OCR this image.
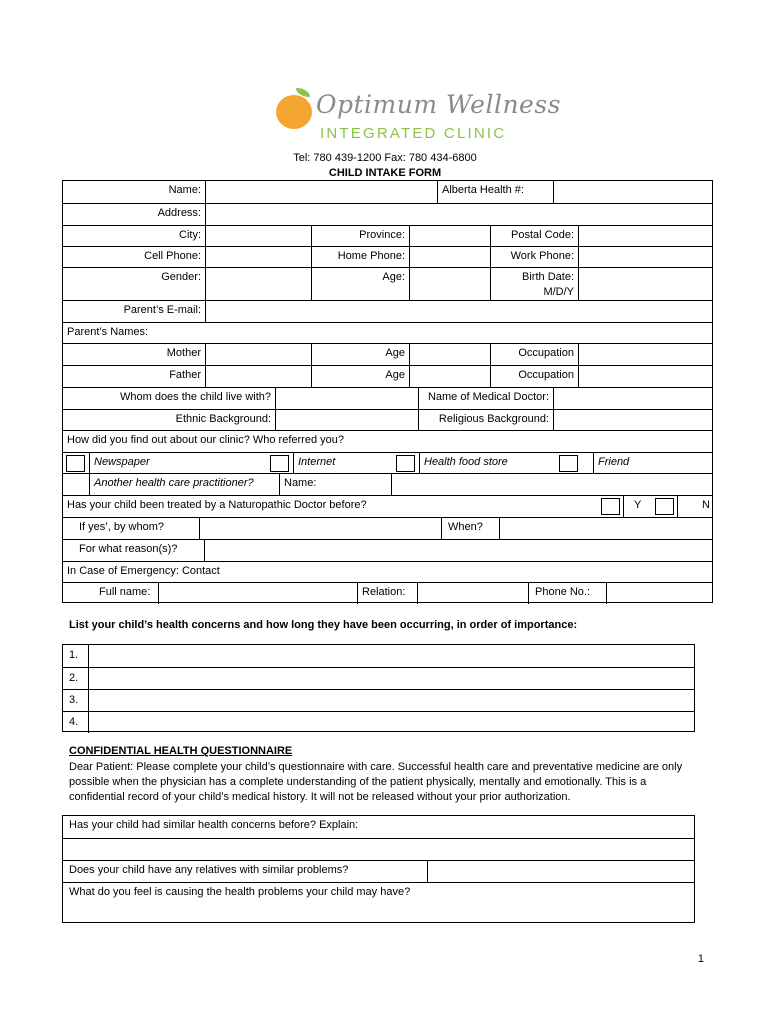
Optimum Wellness
INTEGRATED CLINIC
Tel: 780 439-1200 Fax: 780 434-6800
CHILD INTAKE FORM
Name:	Alberta Health #:
Address:
City:	Province:	Postal Code:
Cell Phone:	Home Phone:	Work Phone:
Gender:	Age:	Birth Date:
M/D/Y
Parent’s E-mail:
Parent’s Names:
Mother	Age	Occupation
Father	Age	Occupation
Whom does the child live with?	Name of Medical Doctor:
Ethnic Background:	Religious Background:
How did you find out about our clinic? Who referred you?
Newspaper	Internet	Health food store	Friend
Another health care practitioner?	Name:
Has your child been treated by a Naturopathic Doctor before?	Y	N
If yes’, by whom?	When?
For what reason(s)?
In Case of Emergency: Contact
Full name:	Relation:	Phone No.:
List your child’s health concerns and how long they have been occurring, in order of importance:
1.
2.
3.
4.
CONFIDENTIAL HEALTH QUESTIONNAIRE
Dear Patient: Please complete your child’s questionnaire with care. Successful health care and preventative medicine are only
possible when the physician has a complete understanding of the patient physically, mentally and emotionally. This is a
confidential record of your child’s medical history. It will not be released without your prior authorization.
Has your child had similar health concerns before? Explain:
Does your child have any relatives with similar problems?
What do you feel is causing the health problems your child may have?
1
